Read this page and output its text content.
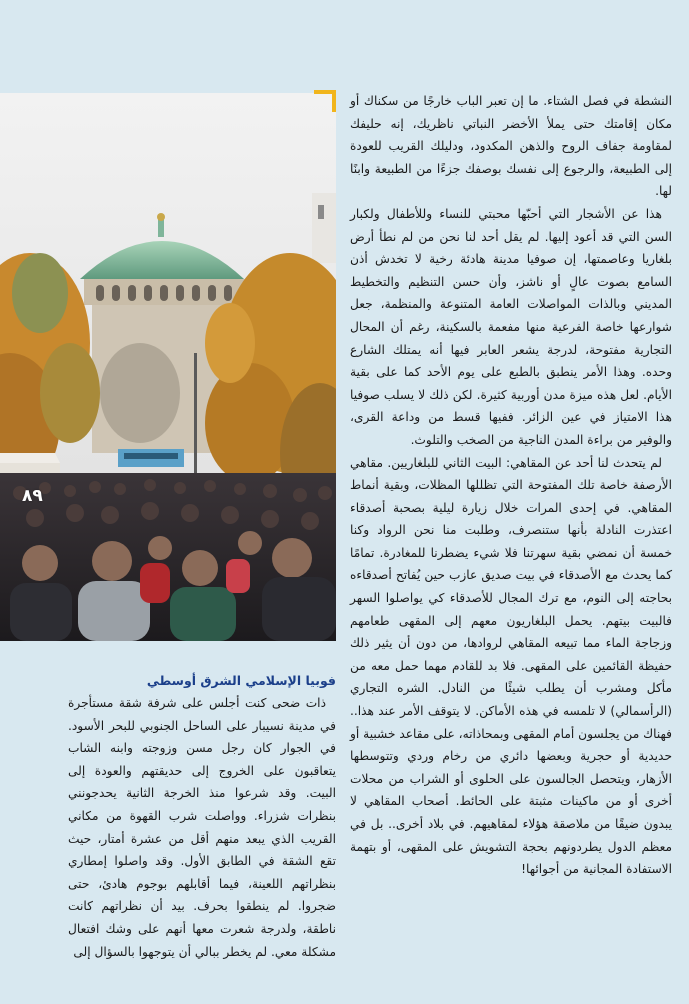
٨٩

النشطة في فصل الشتاء. ما إن تعبر الباب خارجًا من سكناك أو مكان إقامتك حتى يملأ الأخضر النباتي ناظريك، إنه حليفك لمقاومة جفاف الروح والذهن المكدود، ودليلك القريب للعودة إلى الطبيعة، والرجوع إلى نفسك بوصفك جزءًا من الطبيعة وابنًا لها.

هذا عن الأشجار التي أحبّها محبتي للنساء وللأطفال ولكبار السن التي قد أعود إليها. لم يقل أحد لنا نحن من لم نطأ أرض بلغاريا وعاصمتها، إن صوفيا مدينة هادئة رخية لا تخدش أذن السامع بصوت عالٍ أو ناشز، وأن حسن التنظيم والتخطيط المديني وبالذات المواصلات العامة المتنوعة والمنظمة، جعل شوارعها خاصة الفرعية منها مفعمة بالسكينة، رغم أن المحال التجارية مفتوحة، لدرجة يشعر العابر فيها أنه يمتلك الشارع وحده. وهذا الأمر ينطبق بالطبع على يوم الأحد كما على بقية الأيام. لعل هذه ميزة مدن أوربية كثيرة. لكن ذلك لا يسلب صوفيا هذا الامتياز في عين الزائر. ففيها قسط من وداعة القرى، والوفير من براءة المدن الناجية من الصخب والتلوث.

لم يتحدث لنا أحد عن المقاهي: البيت الثاني للبلغاريين. مقاهي الأرصفة خاصة تلك المفتوحة التي تظللها المظلات، وبقية أنماط المقاهي. في إحدى المرات خلال زيارة ليلية بصحبة أصدقاء اعتذرت النادلة بأنها ستنصرف، وطلبت منا نحن الرواد وكنا خمسة أن نمضي بقية سهرتنا فلا شيء يضطرنا للمغادرة. تمامًا كما يحدث مع الأصدقاء في بيت صديق عازب حين يُفاتح أصدقاءه بحاجته إلى النوم، مع ترك المجال للأصدقاء كي يواصلوا السهر فالبيت بيتهم. يحمل البلغاريون معهم إلى المقهى طعامهم وزجاجة الماء مما تبيعه المقاهي لروادها، من دون أن يثير ذلك حفيظة القائمين على المقهى. فلا بد للقادم مهما حمل معه من مأكل ومشرب أن يطلب شيئًا من النادل. الشره التجاري (الرأسمالي) لا تلمسه في هذه الأماكن. لا يتوقف الأمر عند هذا.. فهناك من يجلسون أمام المقهى وبمحاذاته، على مقاعد خشبية أو حديدية أو حجرية وبعضها دائري من رخام وردي وتتوسطها الأزهار، ويتحصل الجالسون على الحلوى أو الشراب من محلات أخرى أو من ماكينات مثبتة على الحائط. أصحاب المقاهي لا يبدون ضيقًا من ملاصقة هؤلاء لمقاهيهم. في بلاد أخرى.. بل في معظم الدول يطردونهم بحجة التشويش على المقهى، أو بتهمة الاستفادة المجانية من أجوائها!

فوبيا الإسلامي الشرق أوسطي

ذات ضحى كنت أجلس على شرفة شقة مستأجرة في مدينة نسيبار على الساحل الجنوبي للبحر الأسود. في الجوار كان رجل مسن وزوجته وابنه الشاب يتعاقبون على الخروج إلى حديقتهم والعودة إلى البيت. وقد شرعوا منذ الخرجة الثانية يحدجونني بنظرات شزراء. وواصلت شرب القهوة من مكاني القريب الذي يبعد منهم أقل من عشرة أمتار، حيث تقع الشقة في الطابق الأول. وقد واصلوا إمطاري بنظراتهم اللعينة، فيما أقابلهم بوجوم هادئ، حتى ضجروا. لم ينطقوا بحرف. بيد أن نظراتهم كانت ناطقة، ولدرجة شعرت معها أنهم على وشك افتعال مشكلة معي. لم يخطر ببالي أن يتوجهوا بالسؤال إلى
